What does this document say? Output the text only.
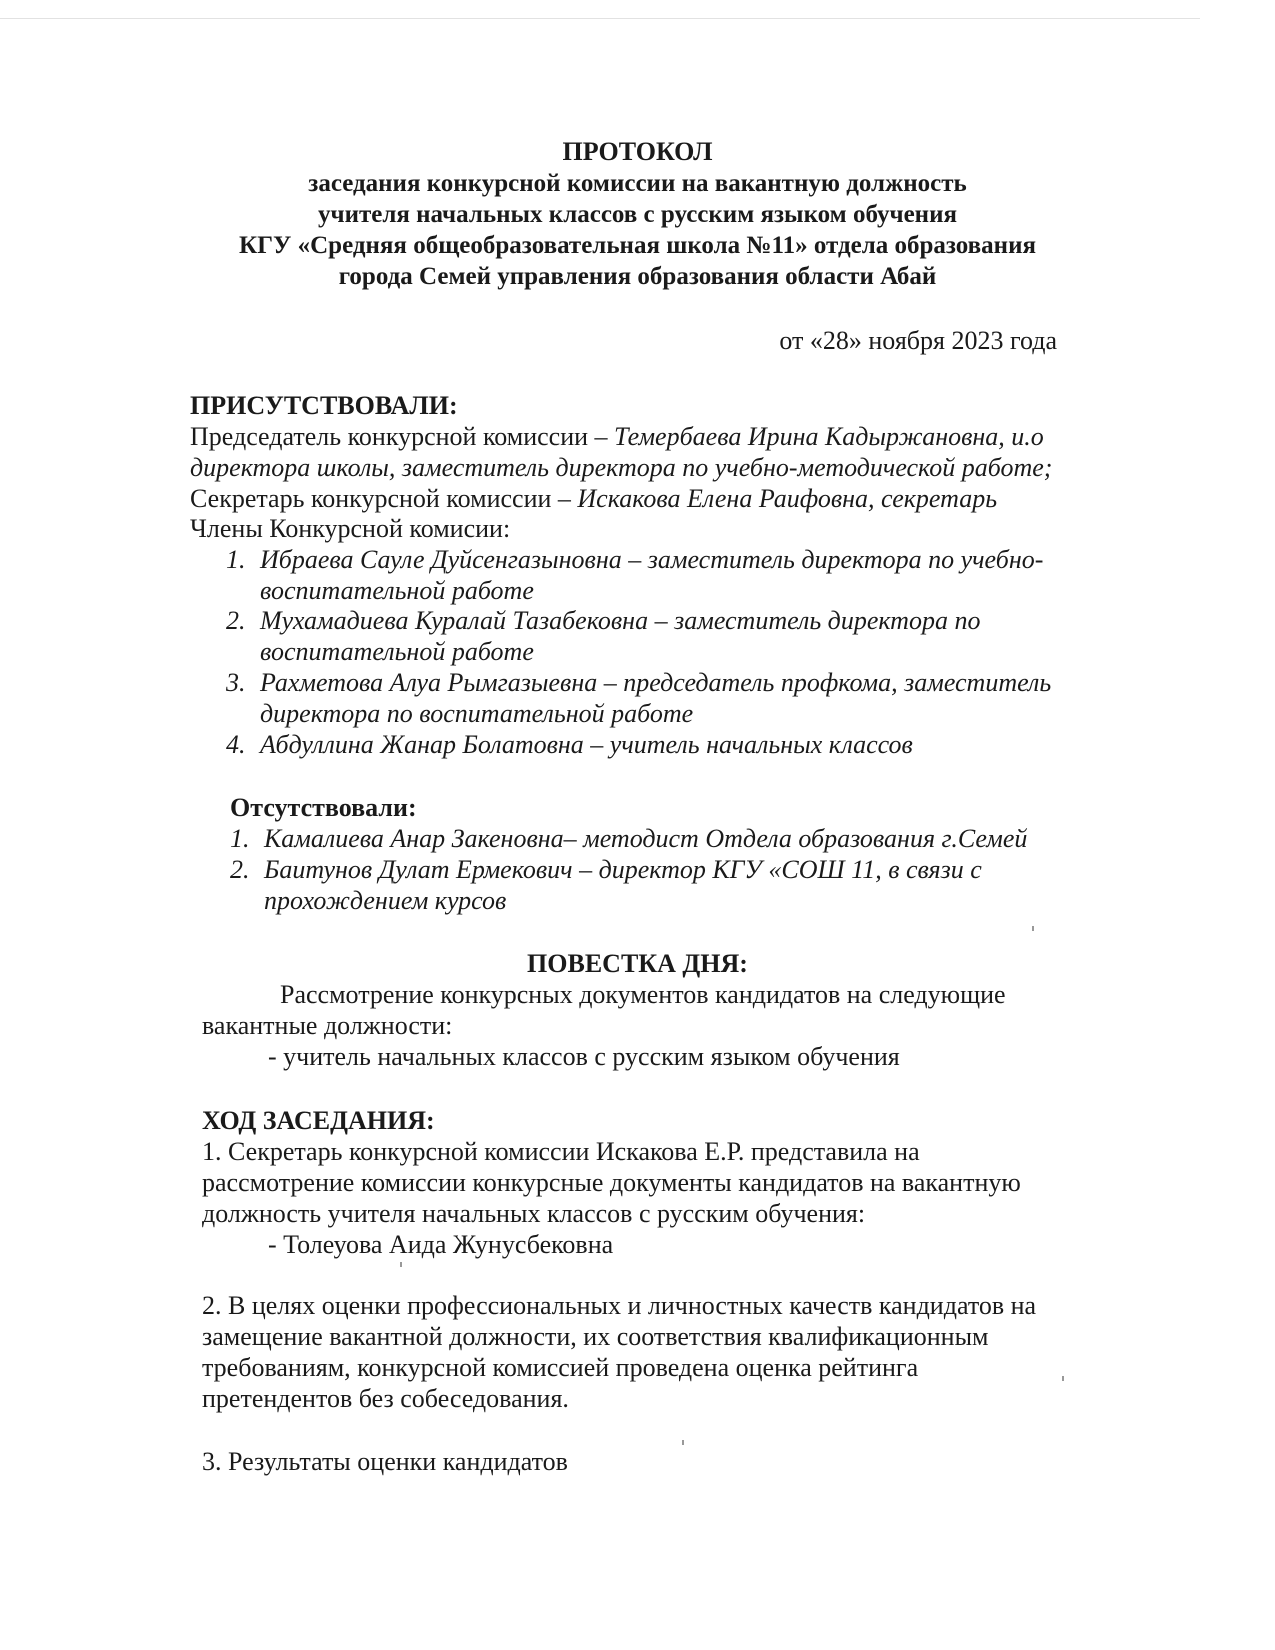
ПРОТОКОЛ
заседания конкурсной комиссии на вакантную должность
учителя начальных классов с русским языком обучения
КГУ «Средняя общеобразовательная школа №11» отдела образования
города Семей управления образования области Абай
от «28» ноября 2023 года
ПРИСУТСТВОВАЛИ:
Председатель конкурсной комиссии – Темербаева Ирина Кадыржановна, и.о
директора школы, заместитель директора по учебно-методической работе;
Секретарь конкурсной комиссии – Искакова Елена Раифовна, секретарь
Члены Конкурсной комисии:
1. Ибраева Сауле Дуйсенгазыновна – заместитель директора по учебно-
воспитательной работе
2. Мухамадиева Куралай Тазабековна – заместитель директора по
воспитательной работе
3. Рахметова Алуа Рымгазыевна – председатель профкома, заместитель
директора по воспитательной работе
4. Абдуллина Жанар Болатовна – учитель начальных классов
Отсутствовали:
1. Камалиева Анар Закеновна– методист Отдела образования г.Семей
2. Баитунов Дулат Ермекович – директор КГУ «СОШ 11, в связи с
прохождением курсов
ПОВЕСТКА ДНЯ:
Рассмотрение конкурсных документов кандидатов на следующие
вакантные должности:
- учитель начальных классов с русским языком обучения
ХОД ЗАСЕДАНИЯ:
1. Секретарь конкурсной комиссии Искакова Е.Р. представила на
рассмотрение комиссии конкурсные документы кандидатов на вакантную
должность учителя начальных классов с русским обучения:
- Толеуова Аида Жунусбековна
2. В целях оценки профессиональных и личностных качеств кандидатов на
замещение вакантной должности, их соответствия квалификационным
требованиям, конкурсной комиссией проведена оценка рейтинга
претендентов без собеседования.
3. Результаты оценки кандидатов
